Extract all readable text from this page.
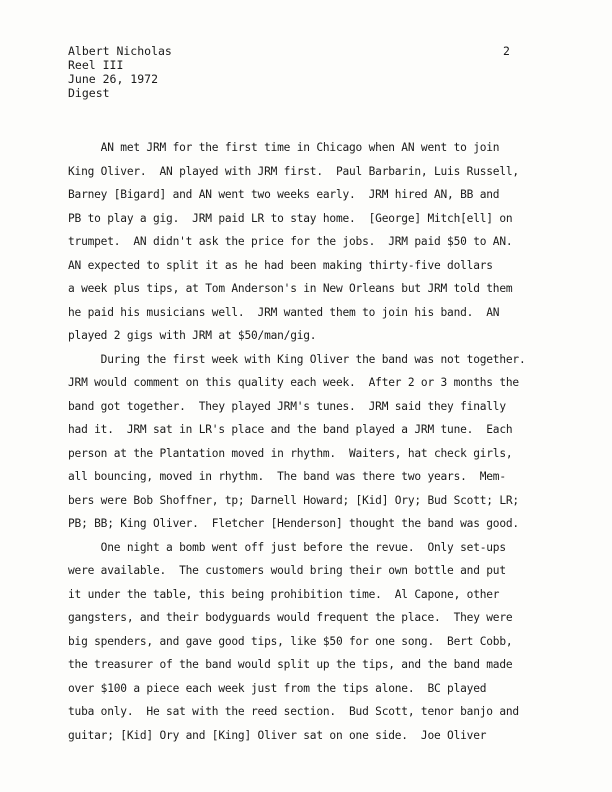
Albert Nicholas
Reel III
June 26, 1972
Digest
2
AN met JRM for the first time in Chicago when AN went to join
King Oliver.  AN played with JRM first.  Paul Barbarin, Luis Russell,
Barney [Bigard] and AN went two weeks early.  JRM hired AN, BB and
PB to play a gig.  JRM paid LR to stay home.  [George] Mitch[ell] on
trumpet.  AN didn't ask the price for the jobs.  JRM paid $50 to AN.
AN expected to split it as he had been making thirty-five dollars
a week plus tips, at Tom Anderson's in New Orleans but JRM told them
he paid his musicians well.  JRM wanted them to join his band.  AN
played 2 gigs with JRM at $50/man/gig.
During the first week with King Oliver the band was not together.
JRM would comment on this quality each week.  After 2 or 3 months the
band got together.  They played JRM's tunes.  JRM said they finally
had it.  JRM sat in LR's place and the band played a JRM tune.  Each
person at the Plantation moved in rhythm.  Waiters, hat check girls,
all bouncing, moved in rhythm.  The band was there two years.  Mem-
bers were Bob Shoffner, tp; Darnell Howard; [Kid] Ory; Bud Scott; LR;
PB; BB; King Oliver.  Fletcher [Henderson] thought the band was good.
One night a bomb went off just before the revue.  Only set-ups
were available.  The customers would bring their own bottle and put
it under the table, this being prohibition time.  Al Capone, other
gangsters, and their bodyguards would frequent the place.  They were
big spenders, and gave good tips, like $50 for one song.  Bert Cobb,
the treasurer of the band would split up the tips, and the band made
over $100 a piece each week just from the tips alone.  BC played
tuba only.  He sat with the reed section.  Bud Scott, tenor banjo and
guitar; [Kid] Ory and [King] Oliver sat on one side.  Joe Oliver
